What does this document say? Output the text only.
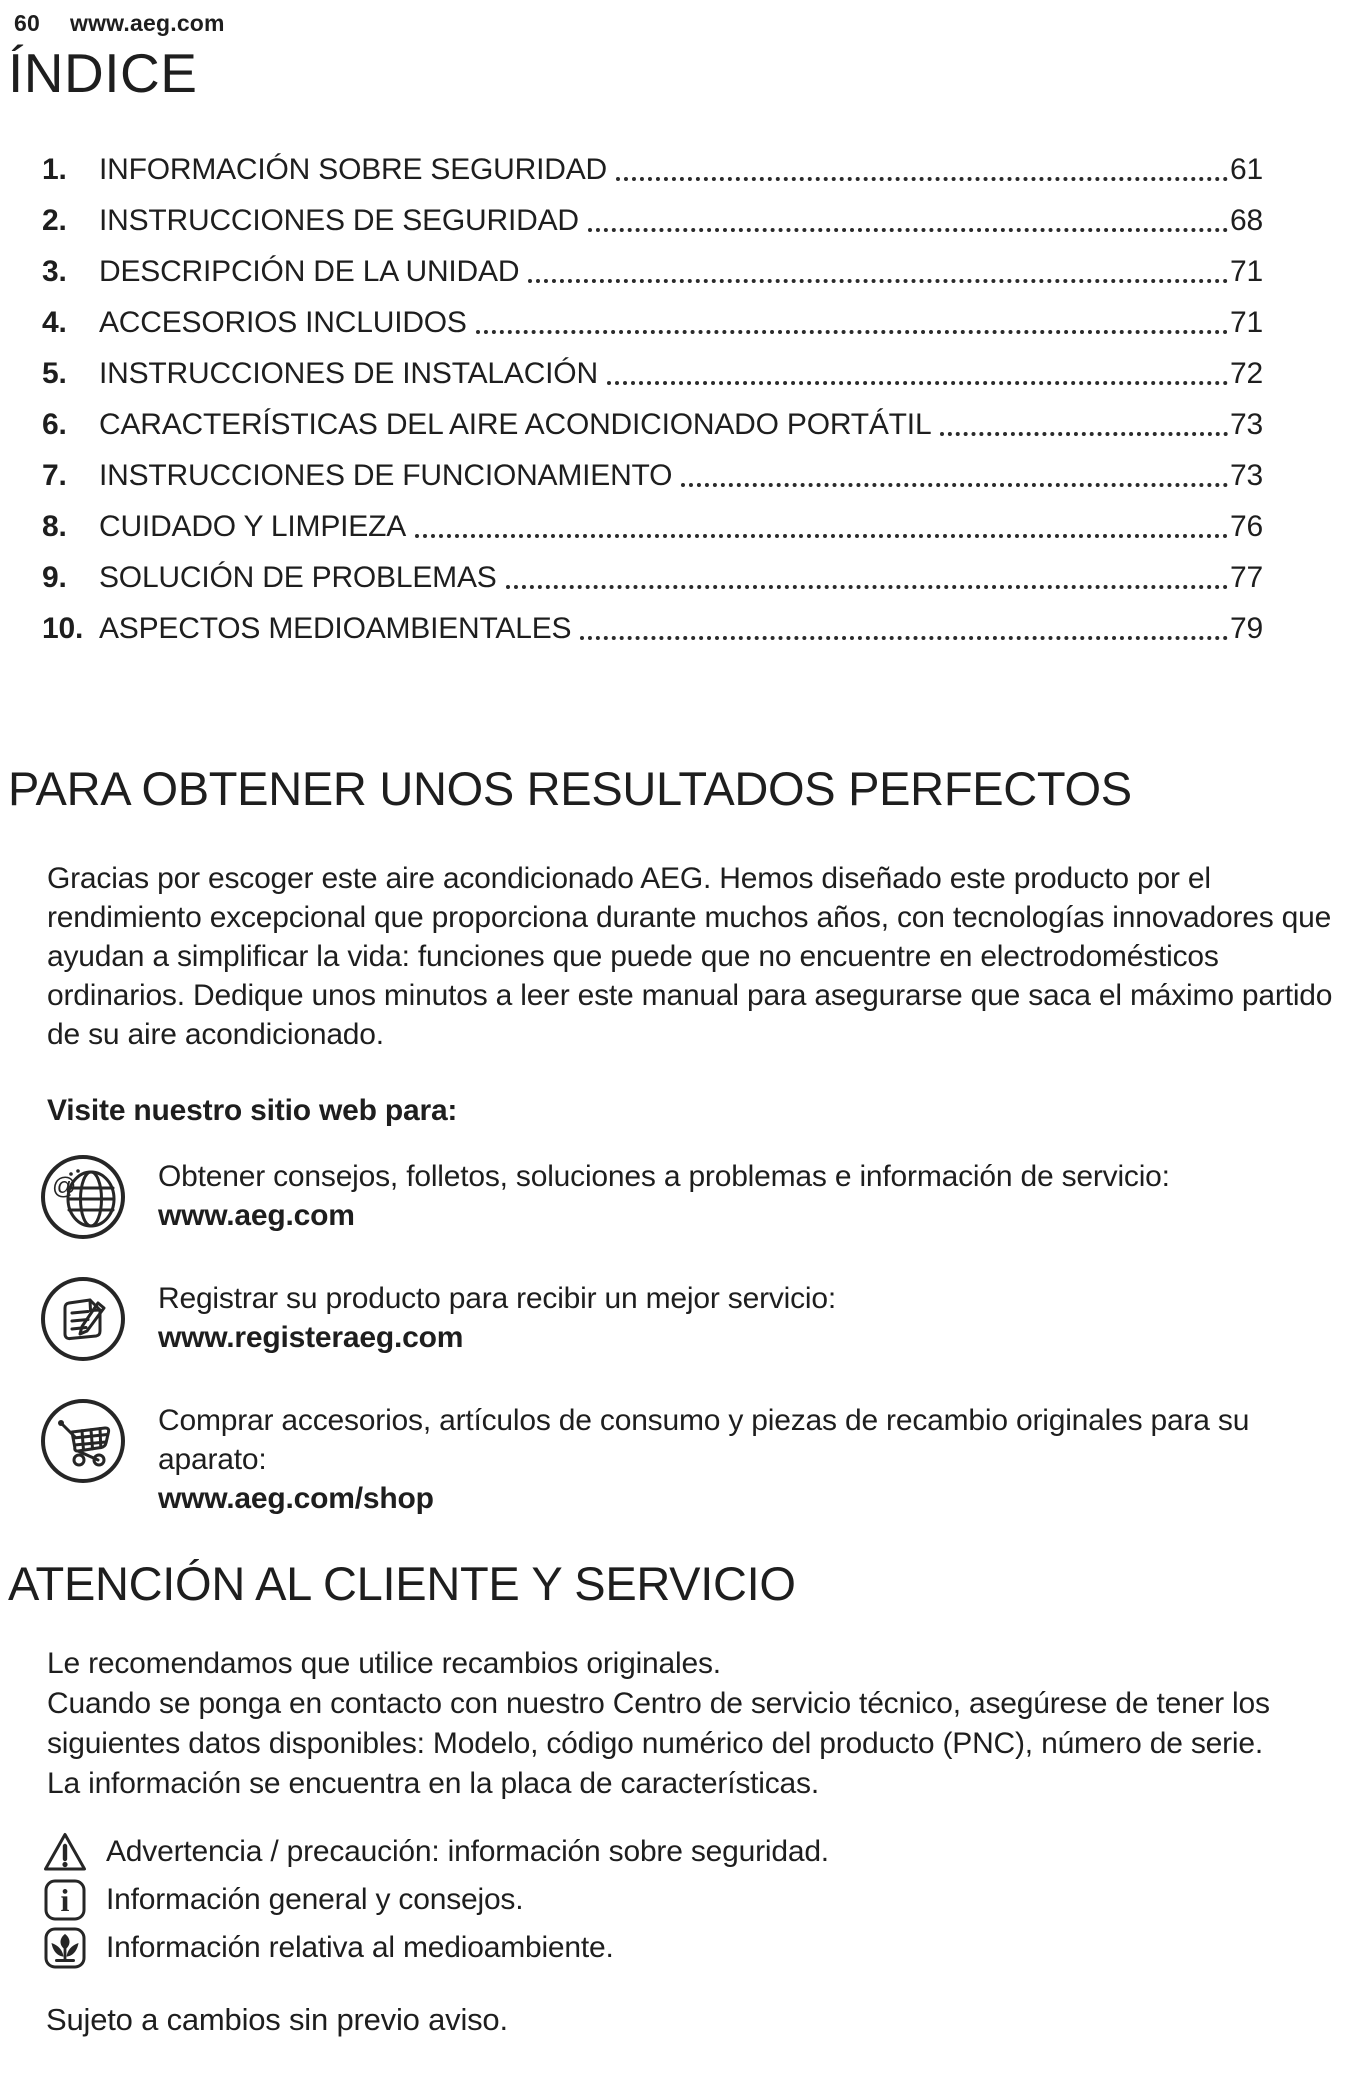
60 www.aeg.com
ÍNDICE
1.	INFORMACIÓN SOBRE SEGURIDAD	61
2.	INSTRUCCIONES DE SEGURIDAD	68
3.	DESCRIPCIÓN DE LA UNIDAD	71
4.	ACCESORIOS INCLUIDOS	71
5.	INSTRUCCIONES DE INSTALACIÓN	72
6.	CARACTERÍSTICAS DEL AIRE ACONDICIONADO PORTÁTIL	73
7.	INSTRUCCIONES DE FUNCIONAMIENTO	73
8.	CUIDADO Y LIMPIEZA	76
9.	SOLUCIÓN DE PROBLEMAS	77
10. ASPECTOS MEDIOAMBIENTALES	79
PARA OBTENER UNOS RESULTADOS PERFECTOS

Gracias por escoger este aire acondicionado AEG. Hemos diseñado este producto por el rendimiento excepcional que proporciona durante muchos años, con tecnologías innovadores que ayudan a simplificar la vida: funciones que puede que no encuentre en electrodomésticos ordinarios. Dedique unos minutos a leer este manual para asegurarse que saca el máximo partido de su aire acondicionado.

Visite nuestro sitio web para:

@	Obtener consejos, folletos, soluciones a problemas e información de servicio:
www.aeg.com
Registrar su producto para recibir un mejor servicio:
www.registeraeg.com
Comprar accesorios, artículos de consumo y piezas de recambio originales para su aparato:
www.aeg.com/shop
ATENCIÓN AL CLIENTE Y SERVICIO

Le recomendamos que utilice recambios originales.

Cuando se ponga en contacto con nuestro Centro de servicio técnico, asegúrese de tener los siguientes datos disponibles: Modelo, código numérico del producto (PNC), número de serie.

La información se encuentra en la placa de características.

Advertencia / precaución: información sobre seguridad.
i Información general y consejos.
Información relativa al medioambiente.

Sujeto a cambios sin previo aviso.
